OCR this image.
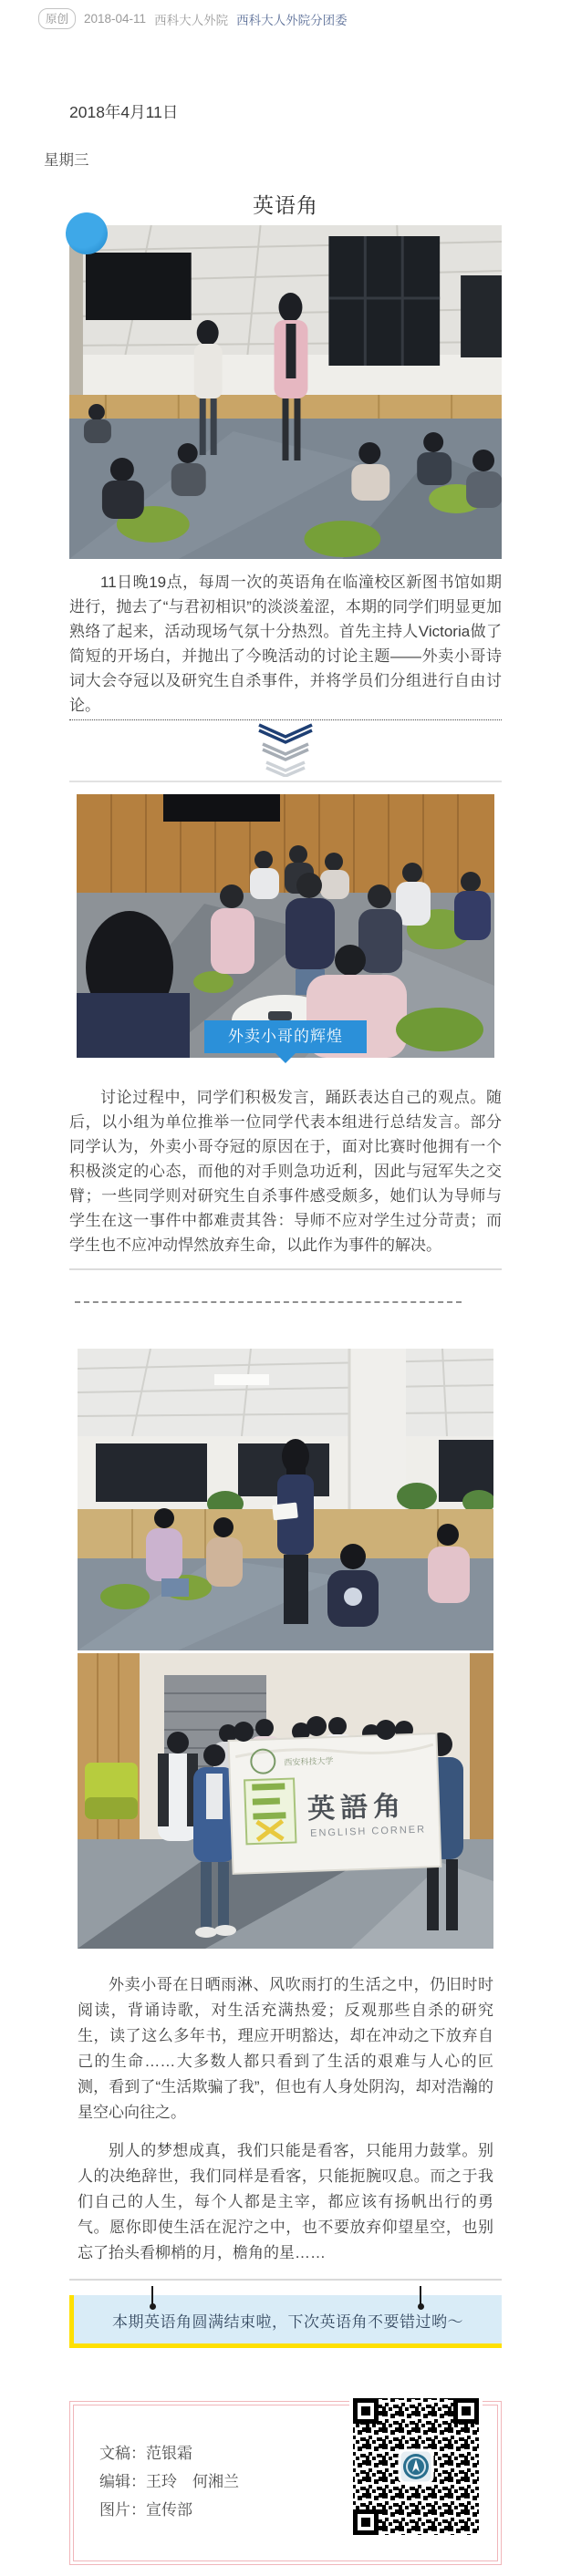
原创	2018-04-11 西科大人外院 西科大人外院分团委
2018年4月11日
星期三
英语角

11日晚19点，每周一次的英语角在临潼校区新图书馆如期进行，抛去了“与君初相识”的淡淡羞涩，本期的同学们明显更加熟络了起来，活动现场气氛十分热烈。首先主持人Victoria做了简短的开场白，并抛出了今晚活动的讨论主题——外卖小哥诗词大会夺冠以及研究生自杀事件，并将学员们分组进行自由讨论。

外卖小哥的辉煌

讨论过程中，同学们积极发言，踊跃表达自己的观点。随后，以小组为单位推举一位同学代表本组进行总结发言。部分同学认为，外卖小哥夺冠的原因在于，面对比赛时他拥有一个积极淡定的心态，而他的对手则急功近利，因此与冠军失之交臂；一些同学则对研究生自杀事件感受颇多，她们认为导师与学生在这一事件中都难责其咎：导师不应对学生过分苛责；而学生也不应冲动悍然放弃生命，以此作为事件的解决。

西安科技大学
英語角
ENGLISH CORNER

外卖小哥在日晒雨淋、风吹雨打的生活之中，仍旧时时阅读，背诵诗歌，对生活充满热爱；反观那些自杀的研究生，读了这么多年书，理应开明豁达，却在冲动之下放弃自己的生命……大多数人都只看到了生活的艰难与人心的叵测，看到了“生活欺骗了我”，但也有人身处阴沟，却对浩瀚的星空心向往之。

别人的梦想成真，我们只能是看客，只能用力鼓掌。别人的决绝辞世，我们同样是看客，只能扼腕叹息。而之于我们自己的人生，每个人都是主宰，都应该有扬帆出行的勇气。愿你即使生活在泥泞之中，也不要放弃仰望星空，也别忘了抬头看柳梢的月，檐角的星……

本期英语角圆满结束啦，下次英语角不要错过哟～
文稿：范银霜
编辑：王玲　何湘兰
图片：宣传部
